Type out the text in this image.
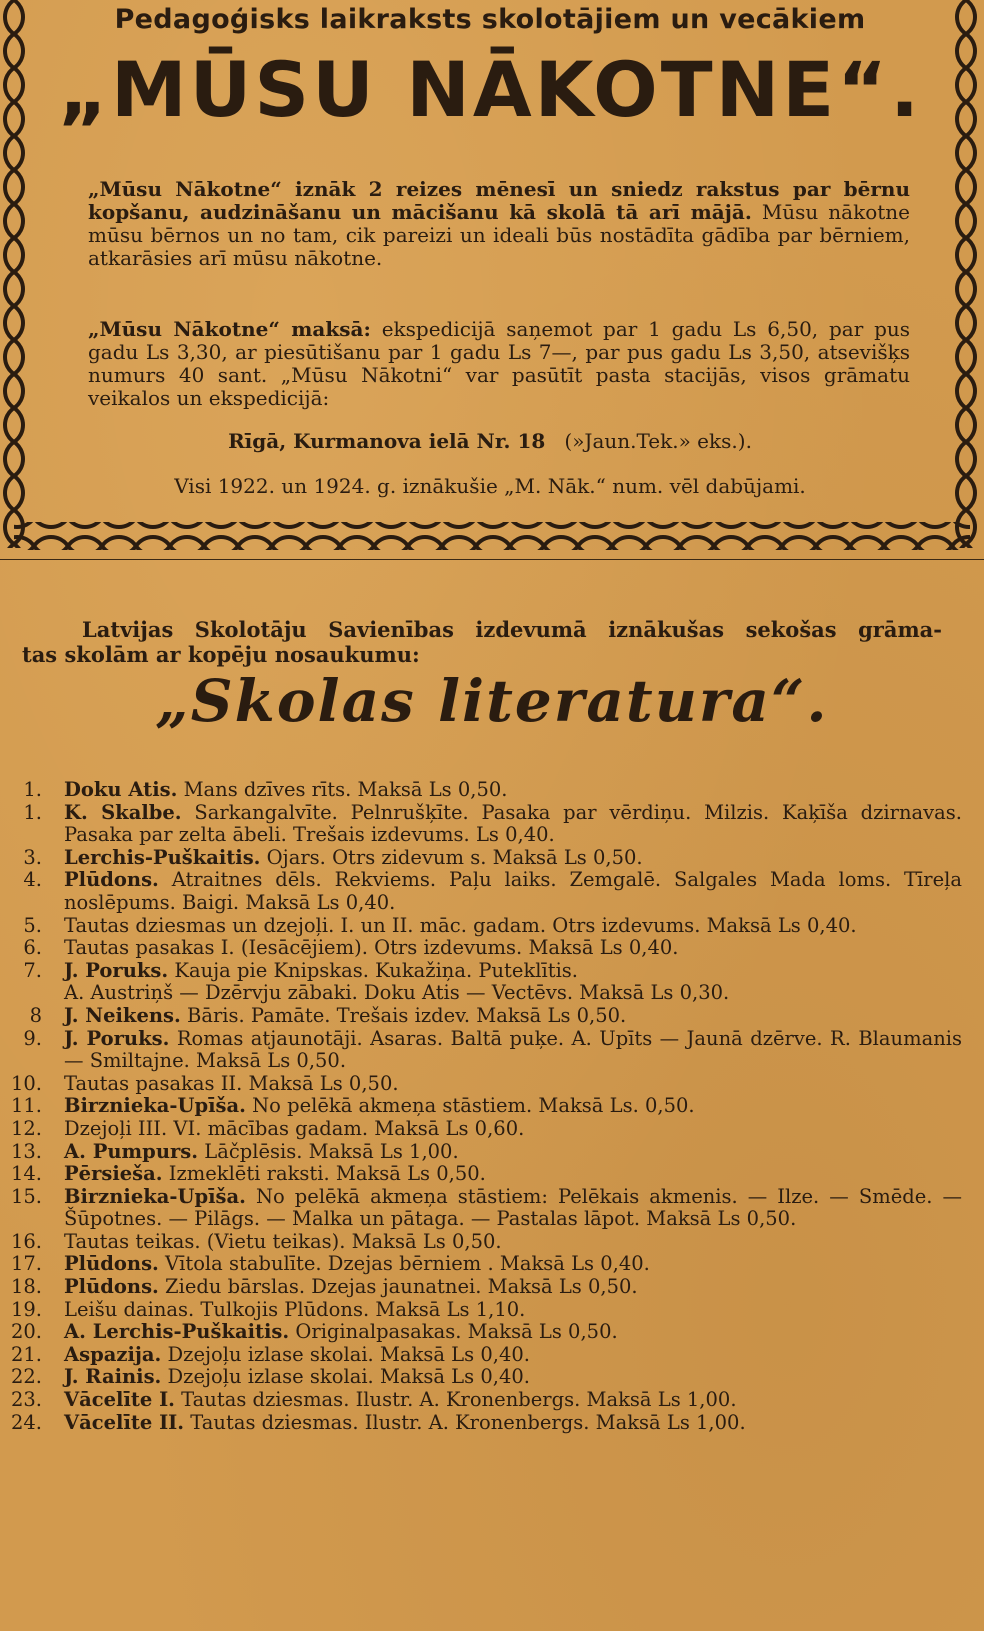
Pedagoģisks laikraksts skolotājiem un vecākiem
„MŪSU NĀKOTNE“.
„Mūsu Nākotne“ iznāk 2 reizes mēnesī un sniedz rakstus par bērnu kopšanu, audzināšanu un mācišanu kā skolā tā arī mājā. Mūsu nākotne mūsu bērnos un no tam, cik pareizi un ideali būs nostādīta gādība par bērniem, atkarāsies arī mūsu nākotne.
„Mūsu Nākotne“ maksā: ekspedicijā saņemot par 1 gadu Ls 6,50, par pus gadu Ls 3,30, ar piesūtišanu par 1 gadu Ls 7—, par pus gadu Ls 3,50, atsevišķs numurs 40 sant. „Mūsu Nākotni“ var pasūtīt pasta stacijās, visos grāmatu veikalos un ekspedicijā:
Rīgā, Kurmanova ielā Nr. 18 (»Jaun.Tek.» eks.).
Visi 1922. un 1924. g. iznākušie „M. Nāk.“ num. vēl dabūjami.
Latvijas Skolotāju Savienības izdevumā iznākušas sekošas grāma-
tas skolām ar kopēju nosaukumu:
„Skolas literatura“.
1. Doku Atis. Mans dzīves rīts. Maksā Ls 0,50.
1. K. Skalbe. Sarkangalvīte. Pelnrušķīte. Pasaka par vērdiņu. Milzis. Kaķīša dzirnavas. Pasaka par zelta ābeli. Trešais izdevums. Ls 0,40.
3. Lerchis-Puškaitis. Ojars. Otrs zidevum s. Maksā Ls 0,50.
4. Plūdons. Atraitnes dēls. Rekviems. Paļu laiks. Zemgalē. Salgales Mada loms. Tīreļa noslēpums. Baigi. Maksā Ls 0,40.
5. Tautas dziesmas un dzejoļi. I. un II. māc. gadam. Otrs izdevums. Maksā Ls 0,40.
6. Tautas pasakas I. (Iesācējiem). Otrs izdevums. Maksā Ls 0,40.
7. J. Poruks. Kauja pie Knipskas. Kukažiņa. Puteklītis.
A. Austriņš — Dzērvju zābaki. Doku Atis — Vectēvs. Maksā Ls 0,30.
8 J. Neikens. Bāris. Pamāte. Trešais izdev. Maksā Ls 0,50.
9. J. Poruks. Romas atjaunotāji. Asaras. Baltā puķe. A. Upīts — Jaunā dzērve. R. Blaumanis — Smiltajne. Maksā Ls 0,50.
10. Tautas pasakas II. Maksā Ls 0,50.
11. Birznieka-Upīša. No pelēkā akmeņa stāstiem. Maksā Ls. 0,50.
12. Dzejoļi III. VI. mācības gadam. Maksā Ls 0,60.
13. A. Pumpurs. Lāčplēsis. Maksā Ls 1,00.
14. Pērsieša. Izmeklēti raksti. Maksā Ls 0,50.
15. Birznieka-Upīša. No pelēkā akmeņa stāstiem: Pelēkais akmenis. — Ilze. — Smēde. — Šūpotnes. — Pilāgs. — Malka un pātaga. — Pastalas lāpot. Maksā Ls 0,50.
16. Tautas teikas. (Vietu teikas). Maksā Ls 0,50.
17. Plūdons. Vītola stabulīte. Dzejas bērniem . Maksā Ls 0,40.
18. Plūdons. Ziedu bārslas. Dzejas jaunatnei. Maksā Ls 0,50.
19. Leišu dainas. Tulkojis Plūdons. Maksā Ls 1,10.
20. A. Lerchis-Puškaitis. Originalpasakas. Maksā Ls 0,50.
21. Aspazija. Dzejoļu izlase skolai. Maksā Ls 0,40.
22. J. Rainis. Dzejoļu izlase skolai. Maksā Ls 0,40.
23. Vācelīte I. Tautas dziesmas. Ilustr. A. Kronenbergs. Maksā Ls 1,00.
24. Vācelīte II. Tautas dziesmas. Ilustr. A. Kronenbergs. Maksā Ls 1,00.
